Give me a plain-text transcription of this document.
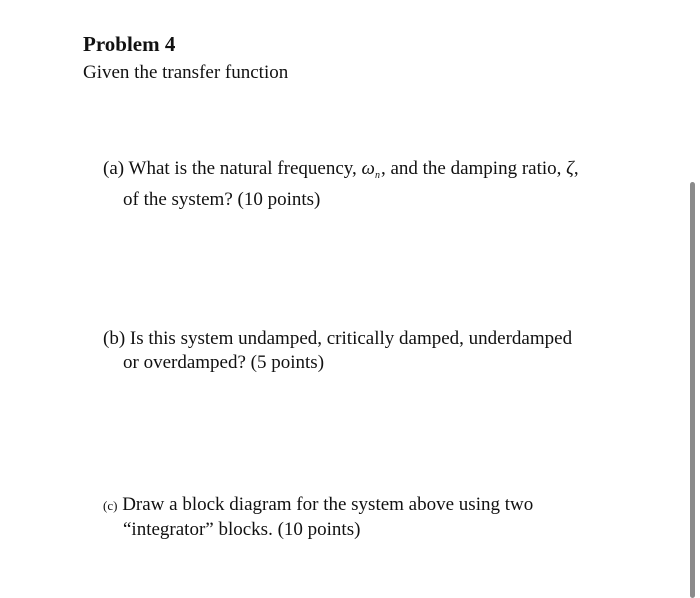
Problem 4
Given the transfer function
(a) What is the natural frequency, $\omega_n$, and the damping ratio, ζ,
of the system? (10 points)
(b) Is this system undamped, critically damped, underdamped
or overdamped? (5 points)
(c) Draw a block diagram for the system above using two
“integrator” blocks. (10 points)
